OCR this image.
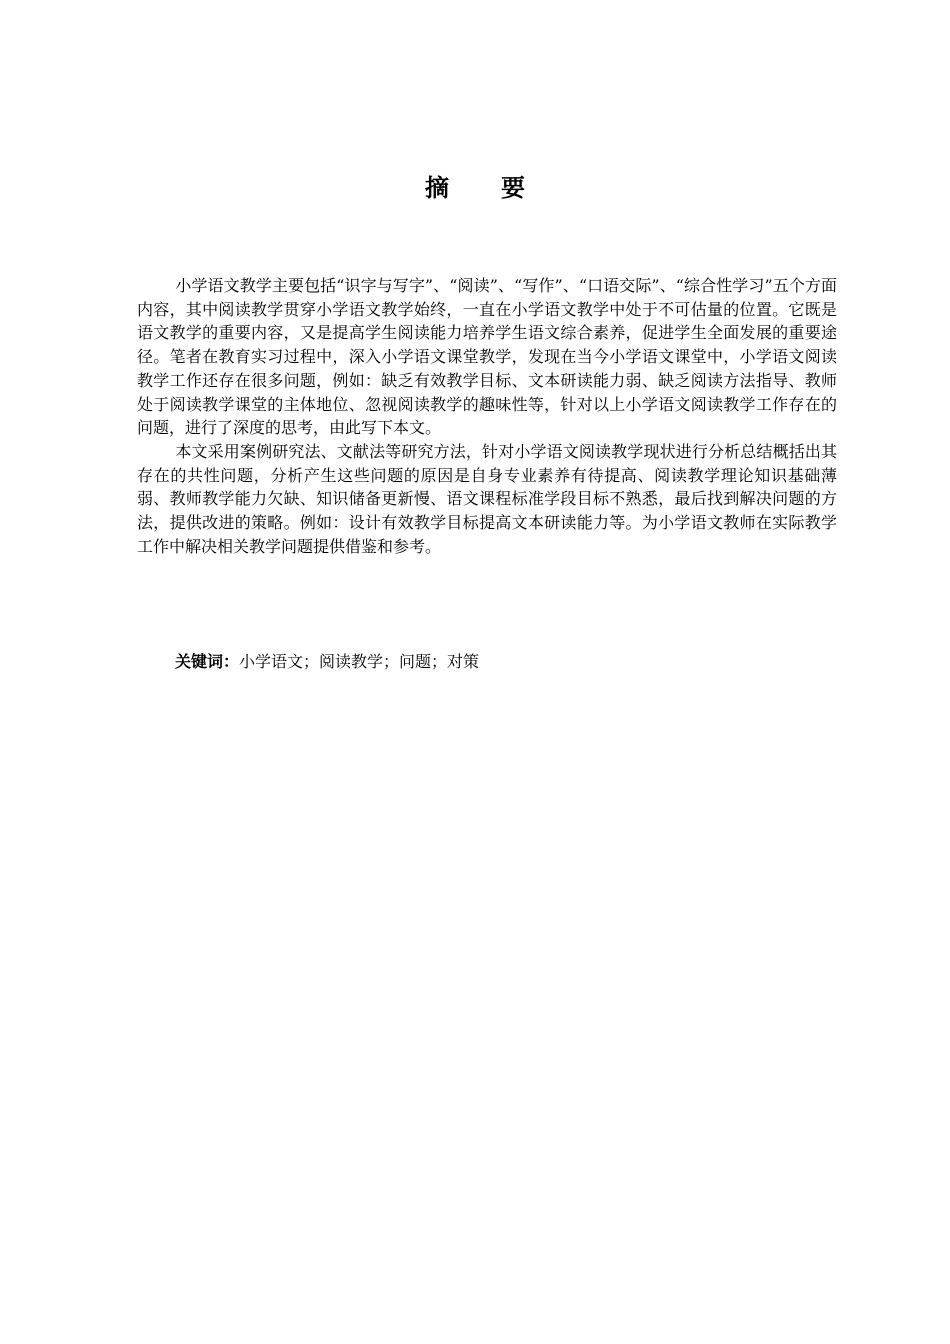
摘 要

小学语文教学主要包括“识字与写字”、“阅读”、“写作”、“口语交际”、“综合性学习”五个方面内容，其中阅读教学贯穿小学语文教学始终，一直在小学语文教学中处于不可估量的位置。它既是语文教学的重要内容，又是提高学生阅读能力培养学生语文综合素养，促进学生全面发展的重要途径。笔者在教育实习过程中，深入小学语文课堂教学，发现在当今小学语文课堂中，小学语文阅读教学工作还存在很多问题，例如：缺乏有效教学目标、文本研读能力弱、缺乏阅读方法指导、教师处于阅读教学课堂的主体地位、忽视阅读教学的趣味性等，针对以上小学语文阅读教学工作存在的问题，进行了深度的思考，由此写下本文。

本文采用案例研究法、文献法等研究方法，针对小学语文阅读教学现状进行分析总结概括出其存在的共性问题，分析产生这些问题的原因是自身专业素养有待提高、阅读教学理论知识基础薄弱、教师教学能力欠缺、知识储备更新慢、语文课程标准学段目标不熟悉，最后找到解决问题的方法，提供改进的策略。例如：设计有效教学目标提高文本研读能力等。为小学语文教师在实际教学工作中解决相关教学问题提供借鉴和参考。

关键词：小学语文；阅读教学；问题；对策
